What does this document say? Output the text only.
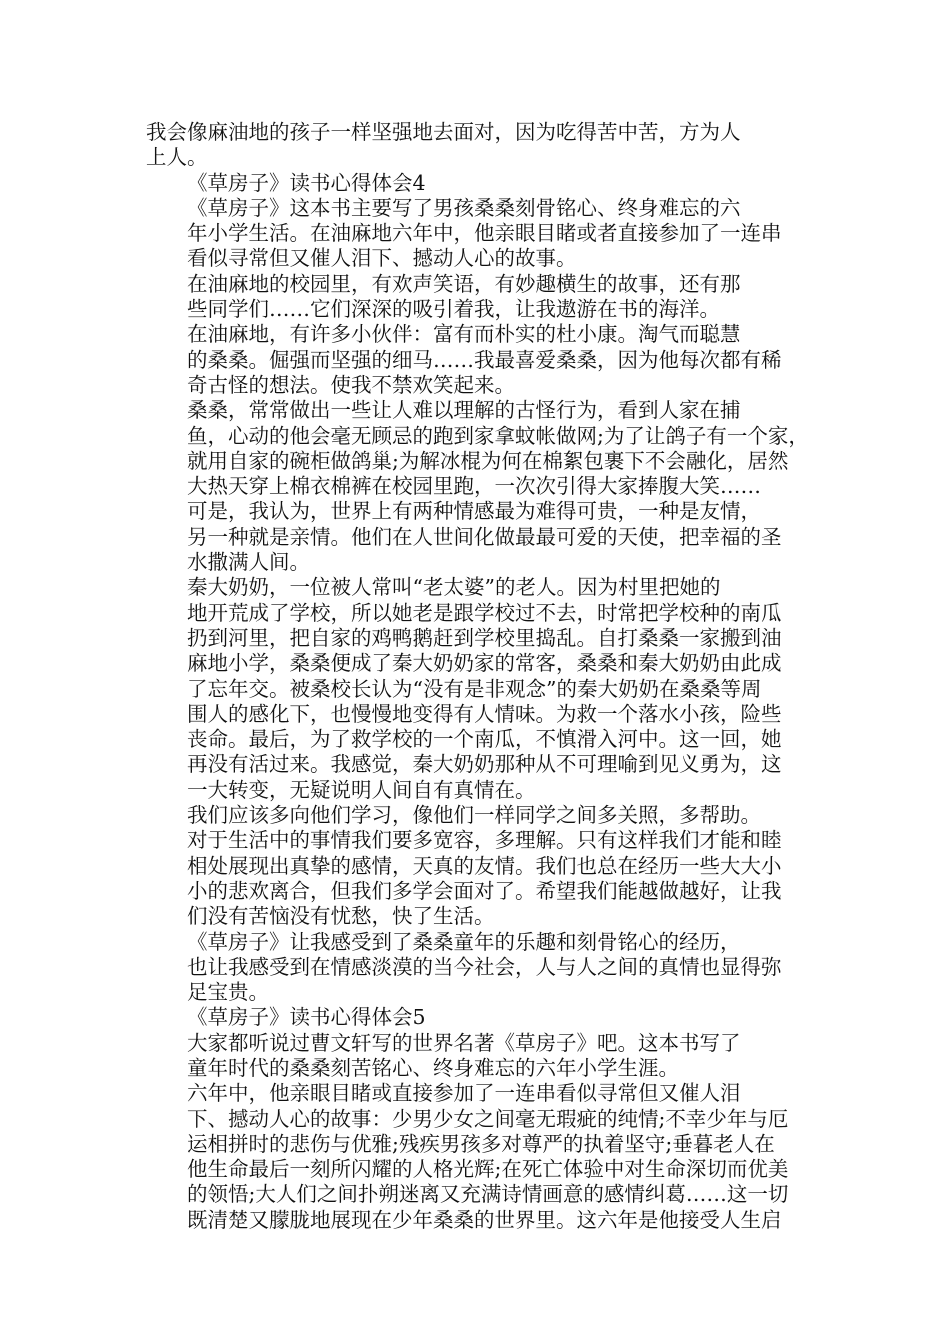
我会像麻油地的孩子一样坚强地去面对，因为吃得苦中苦，方为人
上人。

《草房子》读书心得体会4

《草房子》这本书主要写了男孩桑桑刻骨铭心、终身难忘的六
年小学生活。在油麻地六年中，他亲眼目睹或者直接参加了一连串
看似寻常但又催人泪下、撼动人心的故事。

在油麻地的校园里，有欢声笑语，有妙趣横生的故事，还有那
些同学们……它们深深的吸引着我，让我遨游在书的海洋。

在油麻地，有许多小伙伴：富有而朴实的杜小康。淘气而聪慧
的桑桑。倔强而坚强的细马……我最喜爱桑桑，因为他每次都有稀
奇古怪的想法。使我不禁欢笑起来。

桑桑，常常做出一些让人难以理解的古怪行为，看到人家在捕
鱼，心动的他会毫无顾忌的跑到家拿蚊帐做网;为了让鸽子有一个家，
就用自家的碗柜做鸽巢;为解冰棍为何在棉絮包裹下不会融化，居然
大热天穿上棉衣棉裤在校园里跑，一次次引得大家捧腹大笑……

可是，我认为，世界上有两种情感最为难得可贵，一种是友情，
另一种就是亲情。他们在人世间化做最最可爱的天使，把幸福的圣
水撒满人间。

秦大奶奶，一位被人常叫“老太婆”的老人。因为村里把她的
地开荒成了学校，所以她老是跟学校过不去，时常把学校种的南瓜
扔到河里，把自家的鸡鸭鹅赶到学校里捣乱。自打桑桑一家搬到油
麻地小学，桑桑便成了秦大奶奶家的常客，桑桑和秦大奶奶由此成
了忘年交。被桑校长认为“没有是非观念”的秦大奶奶在桑桑等周
围人的感化下，也慢慢地变得有人情味。为救一个落水小孩，险些
丧命。最后，为了救学校的一个南瓜，不慎滑入河中。这一回，她
再没有活过来。我感觉，秦大奶奶那种从不可理喻到见义勇为，这
一大转变，无疑说明人间自有真情在。

我们应该多向他们学习，像他们一样同学之间多关照，多帮助。
对于生活中的事情我们要多宽容，多理解。只有这样我们才能和睦
相处展现出真挚的感情，天真的友情。我们也总在经历一些大大小
小的悲欢离合，但我们多学会面对了。希望我们能越做越好，让我
们没有苦恼没有忧愁，快了生活。

《草房子》让我感受到了桑桑童年的乐趣和刻骨铭心的经历，
也让我感受到在情感淡漠的当今社会，人与人之间的真情也显得弥
足宝贵。

《草房子》读书心得体会5

大家都听说过曹文轩写的世界名著《草房子》吧。这本书写了
童年时代的桑桑刻苦铭心、终身难忘的六年小学生涯。

六年中，他亲眼目睹或直接参加了一连串看似寻常但又催人泪
下、撼动人心的故事：少男少女之间毫无瑕疵的纯情;不幸少年与厄
运相拼时的悲伤与优雅;残疾男孩多对尊严的执着坚守;垂暮老人在
他生命最后一刻所闪耀的人格光辉;在死亡体验中对生命深切而优美
的领悟;大人们之间扑朔迷离又充满诗情画意的感情纠葛……这一切
既清楚又朦胧地展现在少年桑桑的世界里。这六年是他接受人生启
